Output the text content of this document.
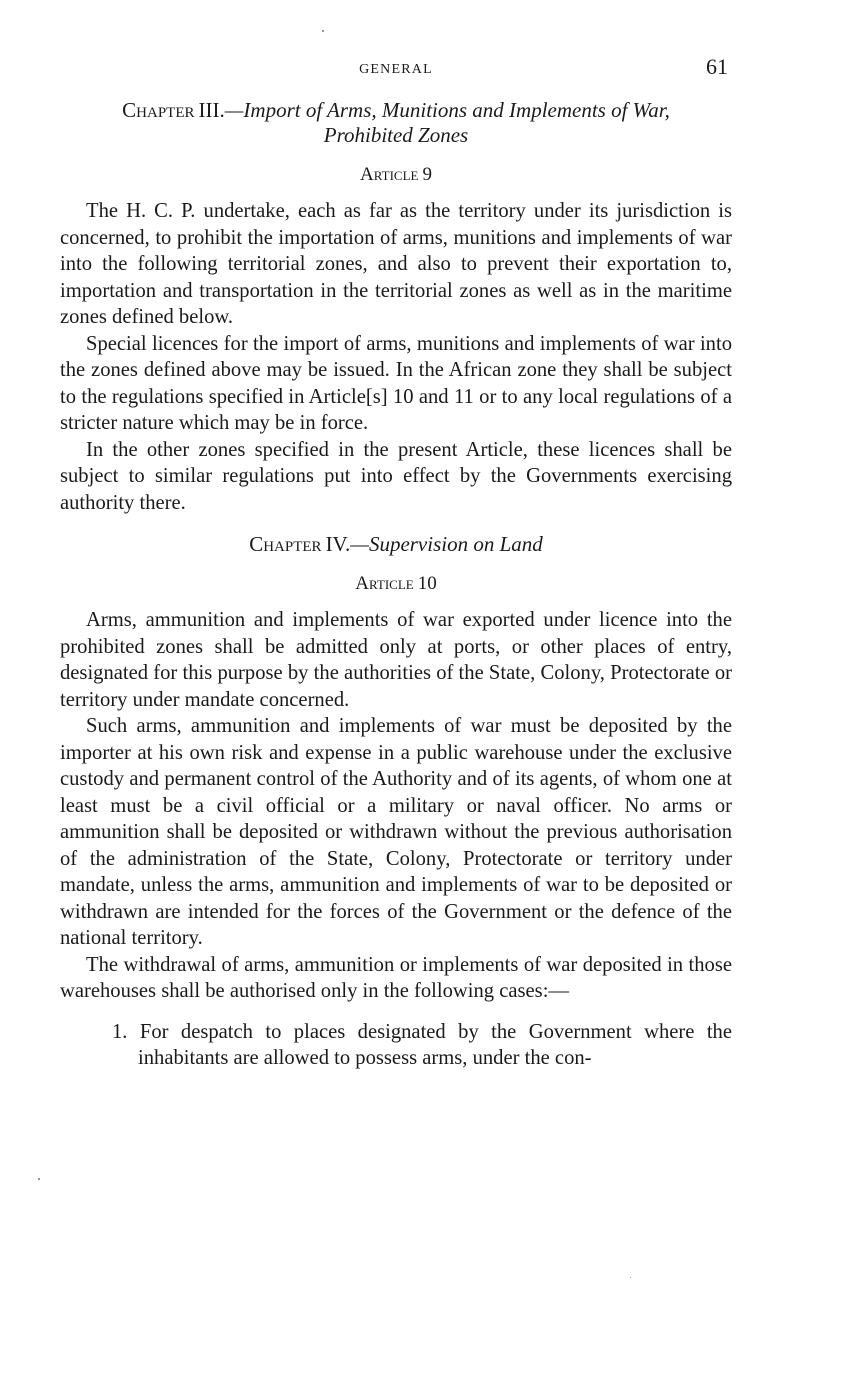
GENERAL	61
Chapter III.—Import of Arms, Munitions and Implements of War,
Prohibited Zones
Article 9

The H. C. P. undertake, each as far as the territory under its jurisdiction is concerned, to prohibit the importation of arms, munitions and implements of war into the following territorial zones, and also to prevent their exportation to, importation and transportation in the territorial zones as well as in the maritime zones defined below.

Special licences for the import of arms, munitions and implements of war into the zones defined above may be issued. In the African zone they shall be subject to the regulations specified in Article[s] 10 and 11 or to any local regulations of a stricter nature which may be in force.

In the other zones specified in the present Article, these licences shall be subject to similar regulations put into effect by the Governments exercising authority there.

Chapter IV.—Supervision on Land
Article 10

Arms, ammunition and implements of war exported under licence into the prohibited zones shall be admitted only at ports, or other places of entry, designated for this purpose by the authorities of the State, Colony, Protectorate or territory under mandate concerned.

Such arms, ammunition and implements of war must be deposited by the importer at his own risk and expense in a public warehouse under the exclusive custody and permanent control of the Authority and of its agents, of whom one at least must be a civil official or a military or naval officer. No arms or ammunition shall be deposited or withdrawn without the previous authorisation of the administration of the State, Colony, Protectorate or territory under mandate, unless the arms, ammunition and implements of war to be deposited or withdrawn are intended for the forces of the Government or the defence of the national territory.

The withdrawal of arms, ammunition or implements of war deposited in those warehouses shall be authorised only in the following cases:—

1. For despatch to places designated by the Government where the inhabitants are allowed to possess arms, under the con-
